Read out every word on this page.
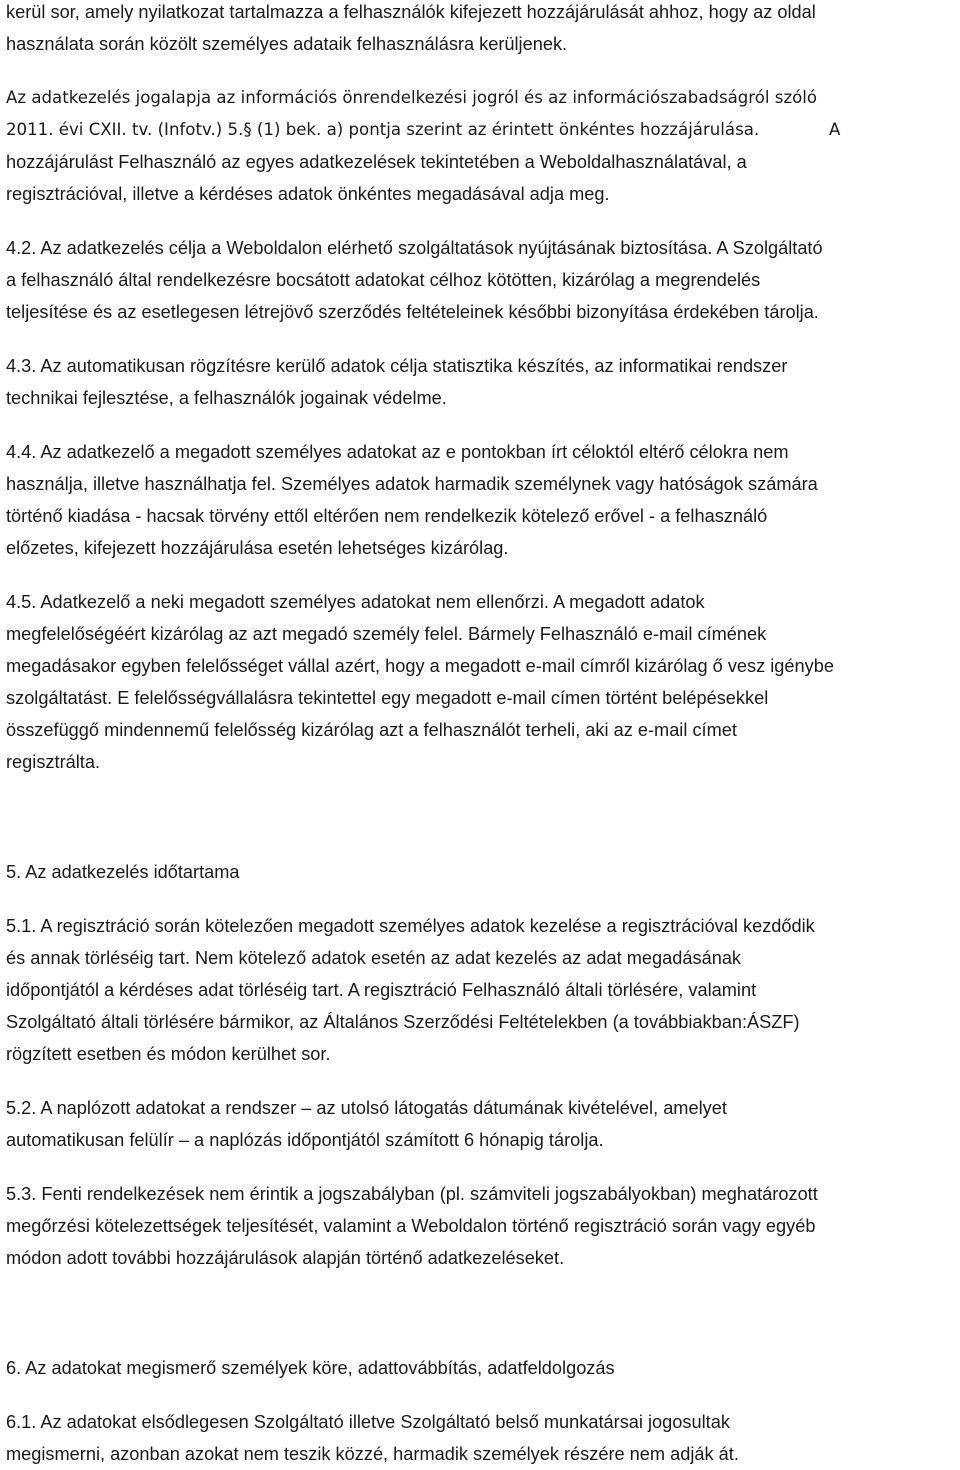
kerül sor, amely nyilatkozat tartalmazza a felhasználók kifejezett hozzájárulását ahhoz, hogy az oldal
használata során közölt személyes adataik felhasználásra kerüljenek.
Az adatkezelés jogalapja az információs önrendelkezési jogról és az információszabadságról szóló
2011. évi CXII. tv. (Infotv.) 5.§ (1) bek. a) pontja szerint az érintett önkéntes hozzájárulása.	A
hozzájárulást Felhasználó az egyes adatkezelések tekintetében a Weboldalhasználatával, a
regisztrációval, illetve a kérdéses adatok önkéntes megadásával adja meg.
4.2. Az adatkezelés célja a Weboldalon elérhető szolgáltatások nyújtásának biztosítása. A Szolgáltató
a felhasználó által rendelkezésre bocsátott adatokat célhoz kötötten, kizárólag a megrendelés
teljesítése és az esetlegesen létrejövő szerződés feltételeinek későbbi bizonyítása érdekében tárolja.
4.3. Az automatikusan rögzítésre kerülő adatok célja statisztika készítés, az informatikai rendszer
technikai fejlesztése, a felhasználók jogainak védelme.
4.4. Az adatkezelő a megadott személyes adatokat az e pontokban írt céloktól eltérő célokra nem
használja, illetve használhatja fel. Személyes adatok harmadik személynek vagy hatóságok számára
történő kiadása - hacsak törvény ettől eltérően nem rendelkezik kötelező erővel - a felhasználó
előzetes, kifejezett hozzájárulása esetén lehetséges kizárólag.
4.5. Adatkezelő a neki megadott személyes adatokat nem ellenőrzi. A megadott adatok
megfelelőségéért kizárólag az azt megadó személy felel. Bármely Felhasználó e-mail címének
megadásakor egyben felelősséget vállal azért, hogy a megadott e-mail címről kizárólag ő vesz igénybe
szolgáltatást. E felelősségvállalásra tekintettel egy megadott e-mail címen történt belépésekkel
összefüggő mindennemű felelősség kizárólag azt a felhasználót terheli, aki az e-mail címet
regisztrálta.
5. Az adatkezelés időtartama
5.1. A regisztráció során kötelezően megadott személyes adatok kezelése a regisztrációval kezdődik
és annak törléséig tart. Nem kötelező adatok esetén az adat kezelés az adat megadásának
időpontjától a kérdéses adat törléséig tart. A regisztráció Felhasználó általi törlésére, valamint
Szolgáltató általi törlésére bármikor, az Általános Szerződési Feltételekben (a továbbiakban:ÁSZF)
rögzített esetben és módon kerülhet sor.
5.2. A naplózott adatokat a rendszer – az utolsó látogatás dátumának kivételével, amelyet
automatikusan felülír – a naplózás időpontjától számított 6 hónapig tárolja.
5.3. Fenti rendelkezések nem érintik a jogszabályban (pl. számviteli jogszabályokban) meghatározott
megőrzési kötelezettségek teljesítését, valamint a Weboldalon történő regisztráció során vagy egyéb
módon adott további hozzájárulások alapján történő adatkezeléseket.
6. Az adatokat megismerő személyek köre, adattovábbítás, adatfeldolgozás
6.1. Az adatokat elsődlegesen Szolgáltató illetve Szolgáltató belső munkatársai jogosultak
megismerni, azonban azokat nem teszik közzé, harmadik személyek részére nem adják át.
